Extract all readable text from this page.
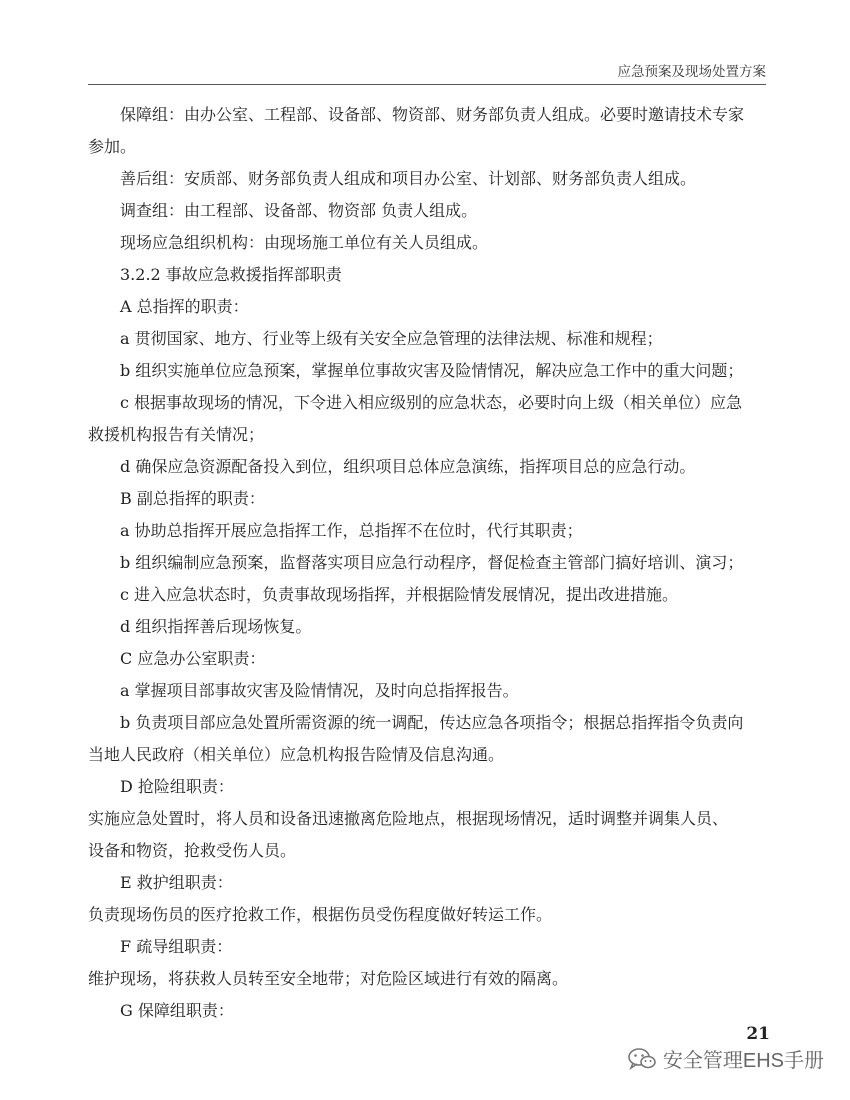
应急预案及现场处置方案
保障组：由办公室、工程部、设备部、物资部、财务部负责人组成。必要时邀请技术专家
参加。
善后组：安质部、财务部负责人组成和项目办公室、计划部、财务部负责人组成。
调查组：由工程部、设备部、物资部 负责人组成。
现场应急组织机构：由现场施工单位有关人员组成。
3.2.2 事故应急救援指挥部职责
A 总指挥的职责：
a 贯彻国家、地方、行业等上级有关安全应急管理的法律法规、标准和规程；
b 组织实施单位应急预案，掌握单位事故灾害及险情情况，解决应急工作中的重大问题；
c 根据事故现场的情况，下令进入相应级别的应急状态，必要时向上级（相关单位）应急
救援机构报告有关情况；
d 确保应急资源配备投入到位，组织项目总体应急演练，指挥项目总的应急行动。
B 副总指挥的职责：
a 协助总指挥开展应急指挥工作，总指挥不在位时，代行其职责；
b 组织编制应急预案，监督落实项目应急行动程序，督促检查主管部门搞好培训、演习；
c 进入应急状态时，负责事故现场指挥，并根据险情发展情况，提出改进措施。
d 组织指挥善后现场恢复。
C 应急办公室职责：
a 掌握项目部事故灾害及险情情况，及时向总指挥报告。
b 负责项目部应急处置所需资源的统一调配，传达应急各项指令；根据总指挥指令负责向
当地人民政府（相关单位）应急机构报告险情及信息沟通。
D 抢险组职责：
实施应急处置时，将人员和设备迅速撤离危险地点，根据现场情况，适时调整并调集人员、
设备和物资，抢救受伤人员。
E 救护组职责：
负责现场伤员的医疗抢救工作，根据伤员受伤程度做好转运工作。
F 疏导组职责：
维护现场，将获救人员转至安全地带；对危险区域进行有效的隔离。
G 保障组职责：
21
安全管理EHS手册
